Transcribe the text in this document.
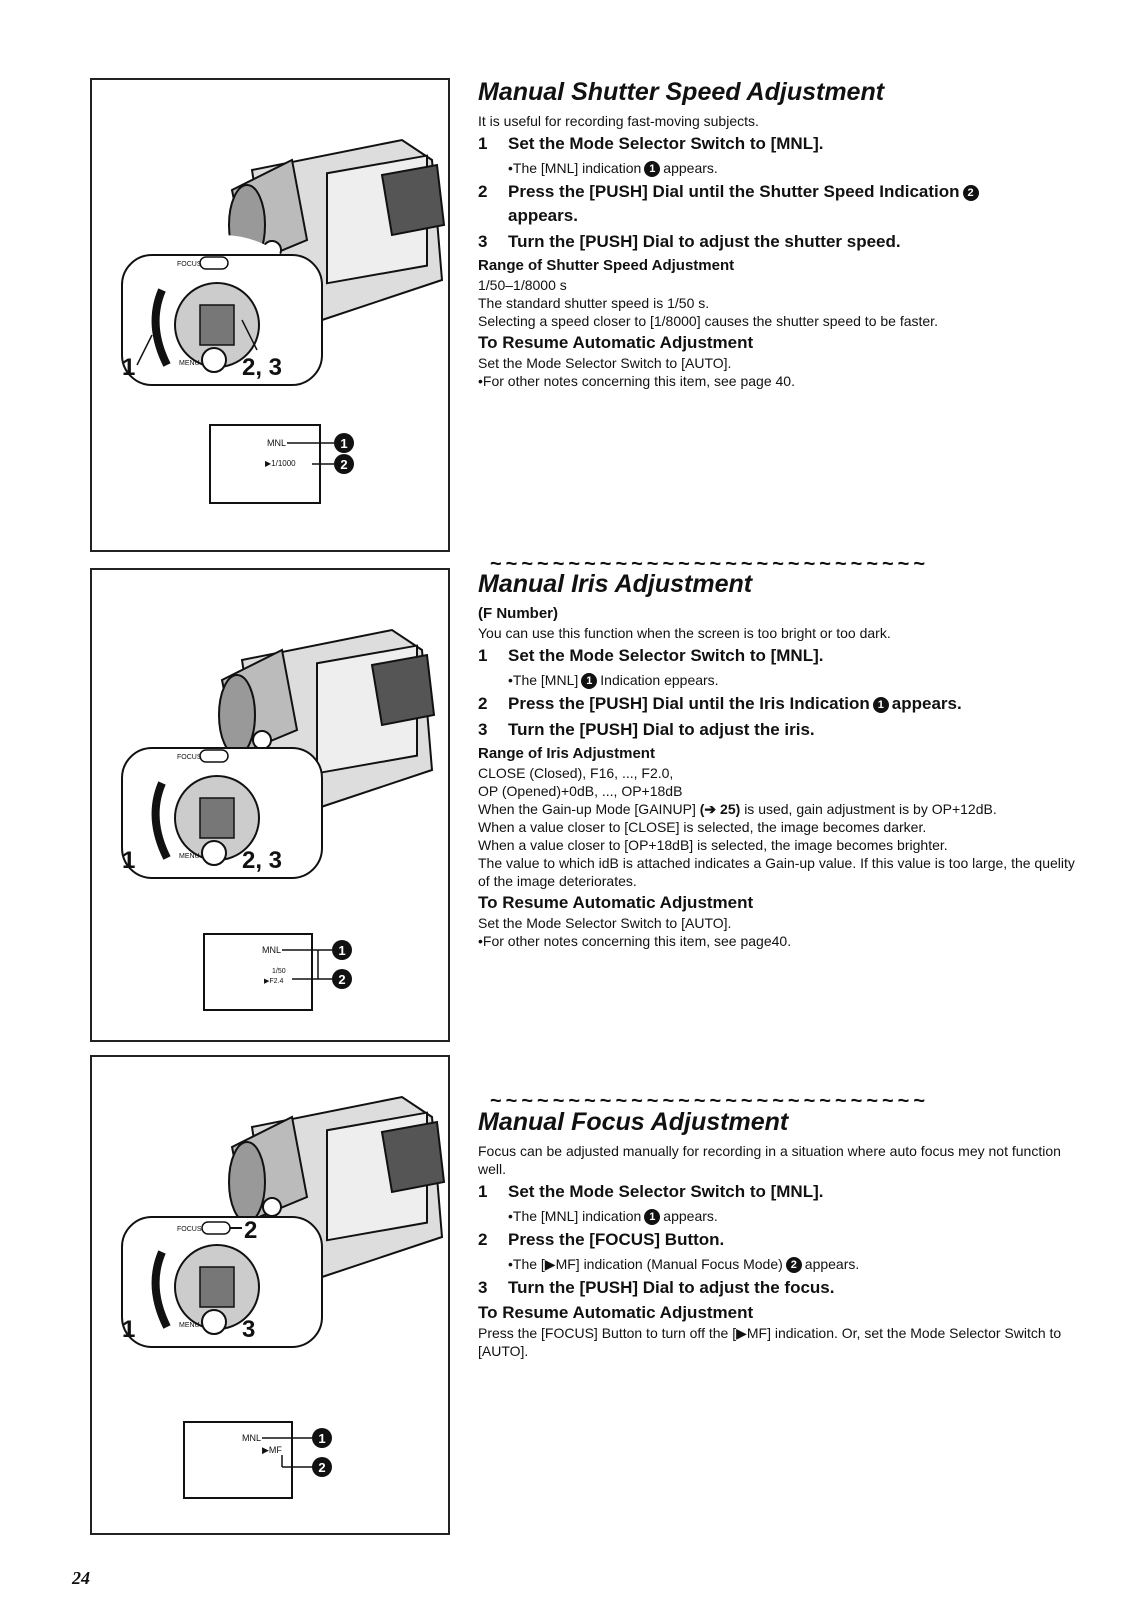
FOCUS
MENU
1	2, 3
MNL
▶1/1000
1
2
FOCUS
MENU
1	2, 3
MNL
1/50
▶F2.4
1
2
FOCUS 2
MENU
1	3
MNL
▶MF
1
2
Manual Shutter Speed Adjustment

It is useful for recording fast-moving subjects.

1	Set the Mode Selector Switch to [MNL].
•The [MNL] indication 1 appears.
2	Press the [PUSH] Dial until the Shutter Speed Indication 2
appears.
3	Turn the [PUSH] Dial to adjust the shutter speed.
Range of Shutter Speed Adjustment

1/50–1/8000 s

The standard shutter speed is 1/50 s.

Selecting a speed closer to [1/8000] causes the shutter speed to be faster.

To Resume Automatic Adjustment

Set the Mode Selector Switch to [AUTO].

•For other notes concerning this item, see page 40.

~~~~~~~~~~~~~~~~~~~~~~~~~~~~
Manual Iris Adjustment
(F Number)

You can use this function when the screen is too bright or too dark.

1	Set the Mode Selector Switch to [MNL].
•The [MNL] 1 Indication eppears.
2	Press the [PUSH] Dial until the Iris Indication 1 appears.
3	Turn the [PUSH] Dial to adjust the iris.
Range of Iris Adjustment

CLOSE (Closed), F16, ..., F2.0,

OP (Opened)+0dB, ..., OP+18dB

When the Gain-up Mode [GAINUP] (➔ 25) is used, gain adjustment is by OP+12dB.

When a value closer to [CLOSE] is selected, the image becomes darker.

When a value closer to [OP+18dB] is selected, the image becomes brighter.

The value to which idB is attached indicates a Gain-up value. If this value is too large, the quelity of the image deteriorates.

To Resume Automatic Adjustment

Set the Mode Selector Switch to [AUTO].

•For other notes concerning this item, see page40.

~~~~~~~~~~~~~~~~~~~~~~~~~~~~
Manual Focus Adjustment

Focus can be adjusted manually for recording in a situation where auto focus mey not function well.

1	Set the Mode Selector Switch to [MNL].
•The [MNL] indication 1 appears.
2	Press the [FOCUS] Button.
•The [▶MF] indication (Manual Focus Mode) 2 appears.
3	Turn the [PUSH] Dial to adjust the focus.
To Resume Automatic Adjustment

Press the [FOCUS] Button to turn off the [▶MF] indication. Or, set the Mode Selector Switch to [AUTO].

24
